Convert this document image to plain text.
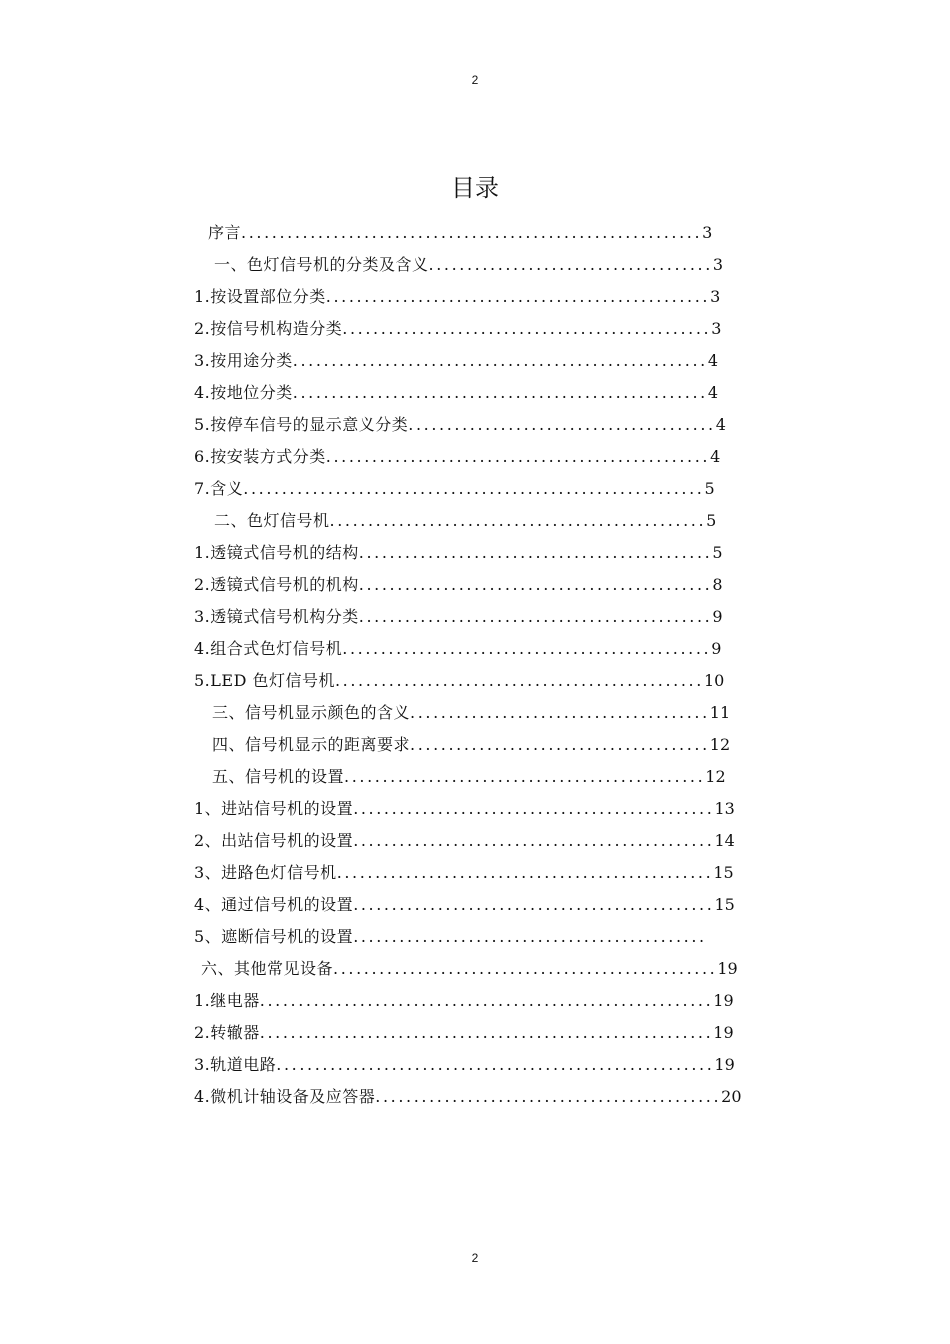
2
目录
序言............................................................3
一、色灯信号机的分类及含义.....................................3
1.按设置部位分类..................................................3
2.按信号机构造分类................................................3
3.按用途分类......................................................4
4.按地位分类......................................................4
5.按停车信号的显示意义分类........................................4
6.按安装方式分类..................................................4
7.含义............................................................5
二、色灯信号机.................................................5
1.透镜式信号机的结构..............................................5
2.透镜式信号机的机构..............................................8
3.透镜式信号机构分类..............................................9
4.组合式色灯信号机................................................9
5.LED 色灯信号机................................................10
三、信号机显示颜色的含义.......................................11
四、信号机显示的距离要求.......................................12
五、信号机的设置...............................................12
1、进站信号机的设置...............................................13
2、出站信号机的设置...............................................14
3、进路色灯信号机.................................................15
4、通过信号机的设置...............................................15
5、遮断信号机的设置..............................................
六、其他常见设备..................................................19
1.继电器...........................................................19
2.转辙器...........................................................19
3.轨道电路.........................................................19
4.微机计轴设备及应答器.............................................20
2
